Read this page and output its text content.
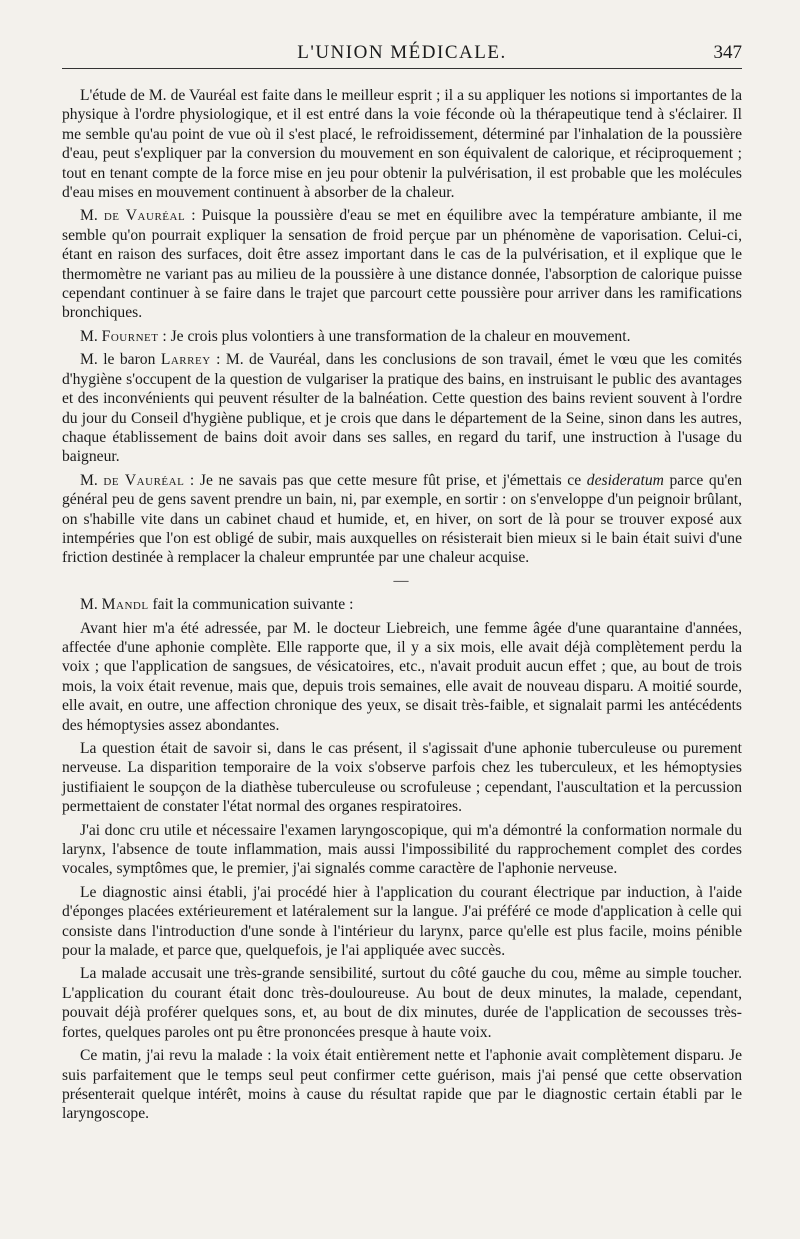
L'UNION MÉDICALE.	347

L'étude de M. de Vauréal est faite dans le meilleur esprit ; il a su appliquer les notions si importantes de la physique à l'ordre physiologique, et il est entré dans la voie féconde où la thérapeutique tend à s'éclairer. Il me semble qu'au point de vue où il s'est placé, le refroidissement, déterminé par l'inhalation de la poussière d'eau, peut s'expliquer par la conversion du mouvement en son équivalent de calorique, et réciproquement ; tout en tenant compte de la force mise en jeu pour obtenir la pulvérisation, il est probable que les molécules d'eau mises en mouvement continuent à absorber de la chaleur.

M. de Vauréal : Puisque la poussière d'eau se met en équilibre avec la température ambiante, il me semble qu'on pourrait expliquer la sensation de froid perçue par un phénomène de vaporisation. Celui-ci, étant en raison des surfaces, doit être assez important dans le cas de la pulvérisation, et il explique que le thermomètre ne variant pas au milieu de la poussière à une distance donnée, l'absorption de calorique puisse cependant continuer à se faire dans le trajet que parcourt cette poussière pour arriver dans les ramifications bronchiques.

M. Fournet : Je crois plus volontiers à une transformation de la chaleur en mouvement.

M. le baron Larrey : M. de Vauréal, dans les conclusions de son travail, émet le vœu que les comités d'hygiène s'occupent de la question de vulgariser la pratique des bains, en instruisant le public des avantages et des inconvénients qui peuvent résulter de la balnéation. Cette question des bains revient souvent à l'ordre du jour du Conseil d'hygiène publique, et je crois que dans le département de la Seine, sinon dans les autres, chaque établissement de bains doit avoir dans ses salles, en regard du tarif, une instruction à l'usage du baigneur.

M. de Vauréal : Je ne savais pas que cette mesure fût prise, et j'émettais ce desideratum parce qu'en général peu de gens savent prendre un bain, ni, par exemple, en sortir : on s'enveloppe d'un peignoir brûlant, on s'habille vite dans un cabinet chaud et humide, et, en hiver, on sort de là pour se trouver exposé aux intempéries que l'on est obligé de subir, mais auxquelles on résisterait bien mieux si le bain était suivi d'une friction destinée à remplacer la chaleur empruntée par une chaleur acquise.

—

M. Mandl fait la communication suivante :

Avant hier m'a été adressée, par M. le docteur Liebreich, une femme âgée d'une quarantaine d'années, affectée d'une aphonie complète. Elle rapporte que, il y a six mois, elle avait déjà complètement perdu la voix ; que l'application de sangsues, de vésicatoires, etc., n'avait produit aucun effet ; que, au bout de trois mois, la voix était revenue, mais que, depuis trois semaines, elle avait de nouveau disparu. A moitié sourde, elle avait, en outre, une affection chronique des yeux, se disait très-faible, et signalait parmi les antécédents des hémoptysies assez abondantes.

La question était de savoir si, dans le cas présent, il s'agissait d'une aphonie tuberculeuse ou purement nerveuse. La disparition temporaire de la voix s'observe parfois chez les tuberculeux, et les hémoptysies justifiaient le soupçon de la diathèse tuberculeuse ou scrofuleuse ; cependant, l'auscultation et la percussion permettaient de constater l'état normal des organes respiratoires.

J'ai donc cru utile et nécessaire l'examen laryngoscopique, qui m'a démontré la conformation normale du larynx, l'absence de toute inflammation, mais aussi l'impossibilité du rapprochement complet des cordes vocales, symptômes que, le premier, j'ai signalés comme caractère de l'aphonie nerveuse.

Le diagnostic ainsi établi, j'ai procédé hier à l'application du courant électrique par induction, à l'aide d'éponges placées extérieurement et latéralement sur la langue. J'ai préféré ce mode d'application à celle qui consiste dans l'introduction d'une sonde à l'intérieur du larynx, parce qu'elle est plus facile, moins pénible pour la malade, et parce que, quelquefois, je l'ai appliquée avec succès.

La malade accusait une très-grande sensibilité, surtout du côté gauche du cou, même au simple toucher. L'application du courant était donc très-douloureuse. Au bout de deux minutes, la malade, cependant, pouvait déjà proférer quelques sons, et, au bout de dix minutes, durée de l'application de secousses très-fortes, quelques paroles ont pu être prononcées presque à haute voix.

Ce matin, j'ai revu la malade : la voix était entièrement nette et l'aphonie avait complètement disparu. Je suis parfaitement que le temps seul peut confirmer cette guérison, mais j'ai pensé que cette observation présenterait quelque intérêt, moins à cause du résultat rapide que par le diagnostic certain établi par le laryngoscope.
